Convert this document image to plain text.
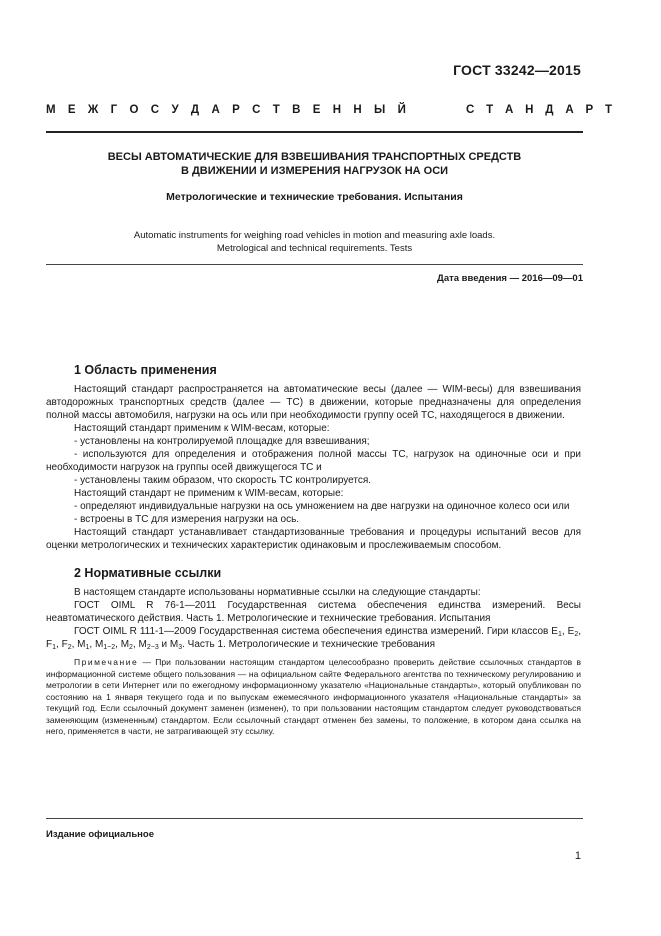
ГОСТ 33242—2015
М Е Ж Г О С У Д А Р С Т В Е Н Н Ы Й	С Т А Н Д А Р Т
ВЕСЫ АВТОМАТИЧЕСКИЕ ДЛЯ ВЗВЕШИВАНИЯ ТРАНСПОРТНЫХ СРЕДСТВ
В ДВИЖЕНИИ И ИЗМЕРЕНИЯ НАГРУЗОК НА ОСИ
Метрологические и технические требования. Испытания
Automatic instruments for weighing road vehicles in motion and measuring axle loads.
Metrological and technical requirements. Tests
Дата введения — 2016—09—01
1 Область применения

Настоящий стандарт распространяется на автоматические весы (далее — WIM-весы) для взвешивания автодорожных транспортных средств (далее — ТС) в движении, которые предназначены для определения полной массы автомобиля, нагрузки на ось или при необходимости группу осей ТС, находящегося в движении.

Настоящий стандарт применим к WIM-весам, которые:

- установлены на контролируемой площадке для взвешивания;

- используются для определения и отображения полной массы ТС, нагрузок на одиночные оси и при необходимости нагрузок на группы осей движущегося ТС и

- установлены таким образом, что скорость ТС контролируется.

Настоящий стандарт не применим к WIM-весам, которые:

- определяют индивидуальные нагрузки на ось умножением на две нагрузки на одиночное колесо оси или

- встроены в ТС для измерения нагрузки на ось.

Настоящий стандарт устанавливает стандартизованные требования и процедуры испытаний весов для оценки метрологических и технических характеристик одинаковым и прослеживаемым способом.

2 Нормативные ссылки

В настоящем стандарте использованы нормативные ссылки на следующие стандарты:

ГОСТ OIML R 76-1—2011 Государственная система обеспечения единства измерений. Весы неавтоматического действия. Часть 1. Метрологические и технические требования. Испытания

ГОСТ OIML R 111-1—2009 Государственная система обеспечения единства измерений. Гири классов $E_1$, $E_2$, $F_1$, $F_2$, $M_1$, $M_{1-2}$, $M_2$, $M_{2-3}$ и $M_3$. Часть 1. Метрологические и технические требования

Примечание — При пользовании настоящим стандартом целесообразно проверить действие ссылочных стандартов в информационной системе общего пользования — на официальном сайте Федерального агентства по техническому регулированию и метрологии в сети Интернет или по ежегодному информационному указателю «Национальные стандарты», который опубликован по состоянию на 1 января текущего года и по выпускам ежемесячного информационного указателя «Национальные стандарты» за текущий год. Если ссылочный документ заменен (изменен), то при пользовании настоящим стандартом следует руководствоваться заменяющим (измененным) стандартом. Если ссылочный стандарт отменен без замены, то положение, в котором дана ссылка на него, применяется в части, не затрагивающей эту ссылку.

Издание официальное
1
